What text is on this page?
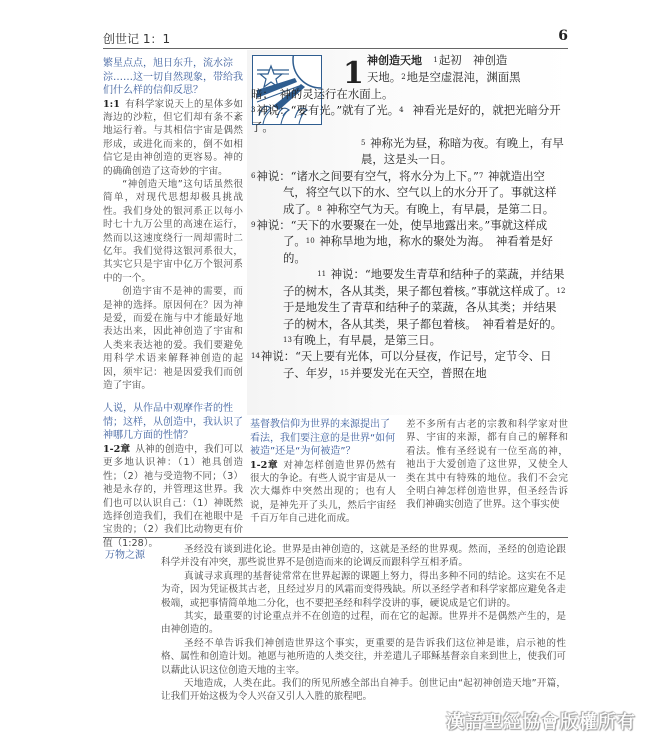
创世记 1：1	6

繁星点点，旭日东升，流水淙淙……这一切自然现象，带给我们什么样的信仰反思？

1:1 有科学家说天上的星体多如海边的沙粒，但它们却有条不紊地运行着。与其相信宇宙是偶然形成，或进化而来的，倒不如相信它是由神创造的更容易。神的的确确创造了这奇妙的宇宙。

“神创造天地”这句话虽然很简单，对现代思想却极具挑战性。我们身处的银河系正以每小时七十九万公里的高速在运行，然而以这速度绕行一周却需时二亿年。我们觉得这银河系很大，其实它只是宇宙中亿万个银河系中的一个。

创造宇宙不是神的需要，而是神的选择。原因何在？因为神是爱，而爱在施与中才能最好地表达出来，因此神创造了宇宙和人类来表达祂的爱。我们要避免用科学术语来解释神创造的起因，须牢记：祂是因爱我们而创造了宇宙。

人说，从作品中观摩作者的性情；这样，从创造中，我认识了神哪几方面的性情？

1-2章 从神的创造中，我们可以更多地认识神：（1）祂具创造性；（2）祂与受造物不同；（3）祂是永存的，并管理这世界。我们也可以认识自己：（1）神既然选择创造我们，我们在祂眼中是宝贵的；（2）我们比动物更有价值（1:28）。

1 神创造天地　 $^1$起初　神创造
天地。$^2$地是空虚混沌，渊面黑
暗；　神的灵运行在水面上。
$^3$神说：“要有光。”就有了光。$^4$ 神看光是好的，就把光暗分开了。
$^5$ 神称光为昼，称暗为夜。有晚上，有早晨，这是头一日。
$^6$神说：“诸水之间要有空气，将水分为上下。”$^7$ 神就造出空气，将空气以下的水、空气以上的水分开了。事就这样成了。$^8$ 神称空气为天。有晚上，有早晨，是第二日。
$^9$神说：“天下的水要聚在一处，使旱地露出来。”事就这样成了。$^{10}$ 神称旱地为地，称水的聚处为海。　神看着是好的。
$^{11}$ 神说：“地要发生青草和结种子的菜蔬，并结果子的树木，各从其类，果子都包着核。”事就这样成了。$^{12}$于是地发生了青草和结种子的菜蔬，各从其类；并结果子的树木，各从其类，果子都包着核。　神看着是好的。$^{13}$有晚上，有早晨，是第三日。
$^{14}$神说：“天上要有光体，可以分昼夜，作记号，定节令、日子、年岁，$^{15}$并要发光在天空，普照在地

基督教信仰为世界的来源提出了看法，我们要注意的是世界“如何被造”还是“为何被造”？

1-2章 对神怎样创造世界仍然有很大的争论。有些人说宇宙是从一次大爆炸中突然出现的；也有人说，是神先开了头儿，然后宇宙经千百万年自己进化而成。

差不多所有古老的宗教和科学家对世界、宇宙的来源，都有自己的解释和看法。惟有圣经说有一位至高的神，祂出于大爱创造了这世界，又使全人类在其中有特殊的地位。我们不会完全明白神怎样创造世界，但圣经告诉我们神确实创造了世界。这个事实使
万物之源

圣经没有谈到进化论。世界是由神创造的，这就是圣经的世界观。然而，圣经的创造论跟科学并没有冲突，那些说世界不是创造而来的论调反而跟科学互相矛盾。

真诚寻求真理的基督徒常常在世界起源的课题上努力，得出多种不同的结论。这实在不足为奇，因为凭证极其古老，且经过岁月的风霜而变得残缺。所以圣经学者和科学家都应避免各走极端，或把事情简单地二分化，也不要把圣经和科学没讲的事，硬说成是它们讲的。

其实，最重要的讨论重点并不在创造的过程，而在它的起源。世界并不是偶然产生的，是由神创造的。

圣经不单告诉我们神创造世界这个事实，更重要的是告诉我们这位神是谁，启示祂的性格、属性和创造计划。祂愿与祂所造的人类交往，并差遣儿子耶稣基督亲自来到世上，使我们可以藉此认识这位创造天地的主宰。

天地造成，人类在此。我们的所见所感全部出自神手。创世记由“起初神创造天地”开篇，让我们开始这极为令人兴奋又引人入胜的旅程吧。

漢語聖經協會版權所有
